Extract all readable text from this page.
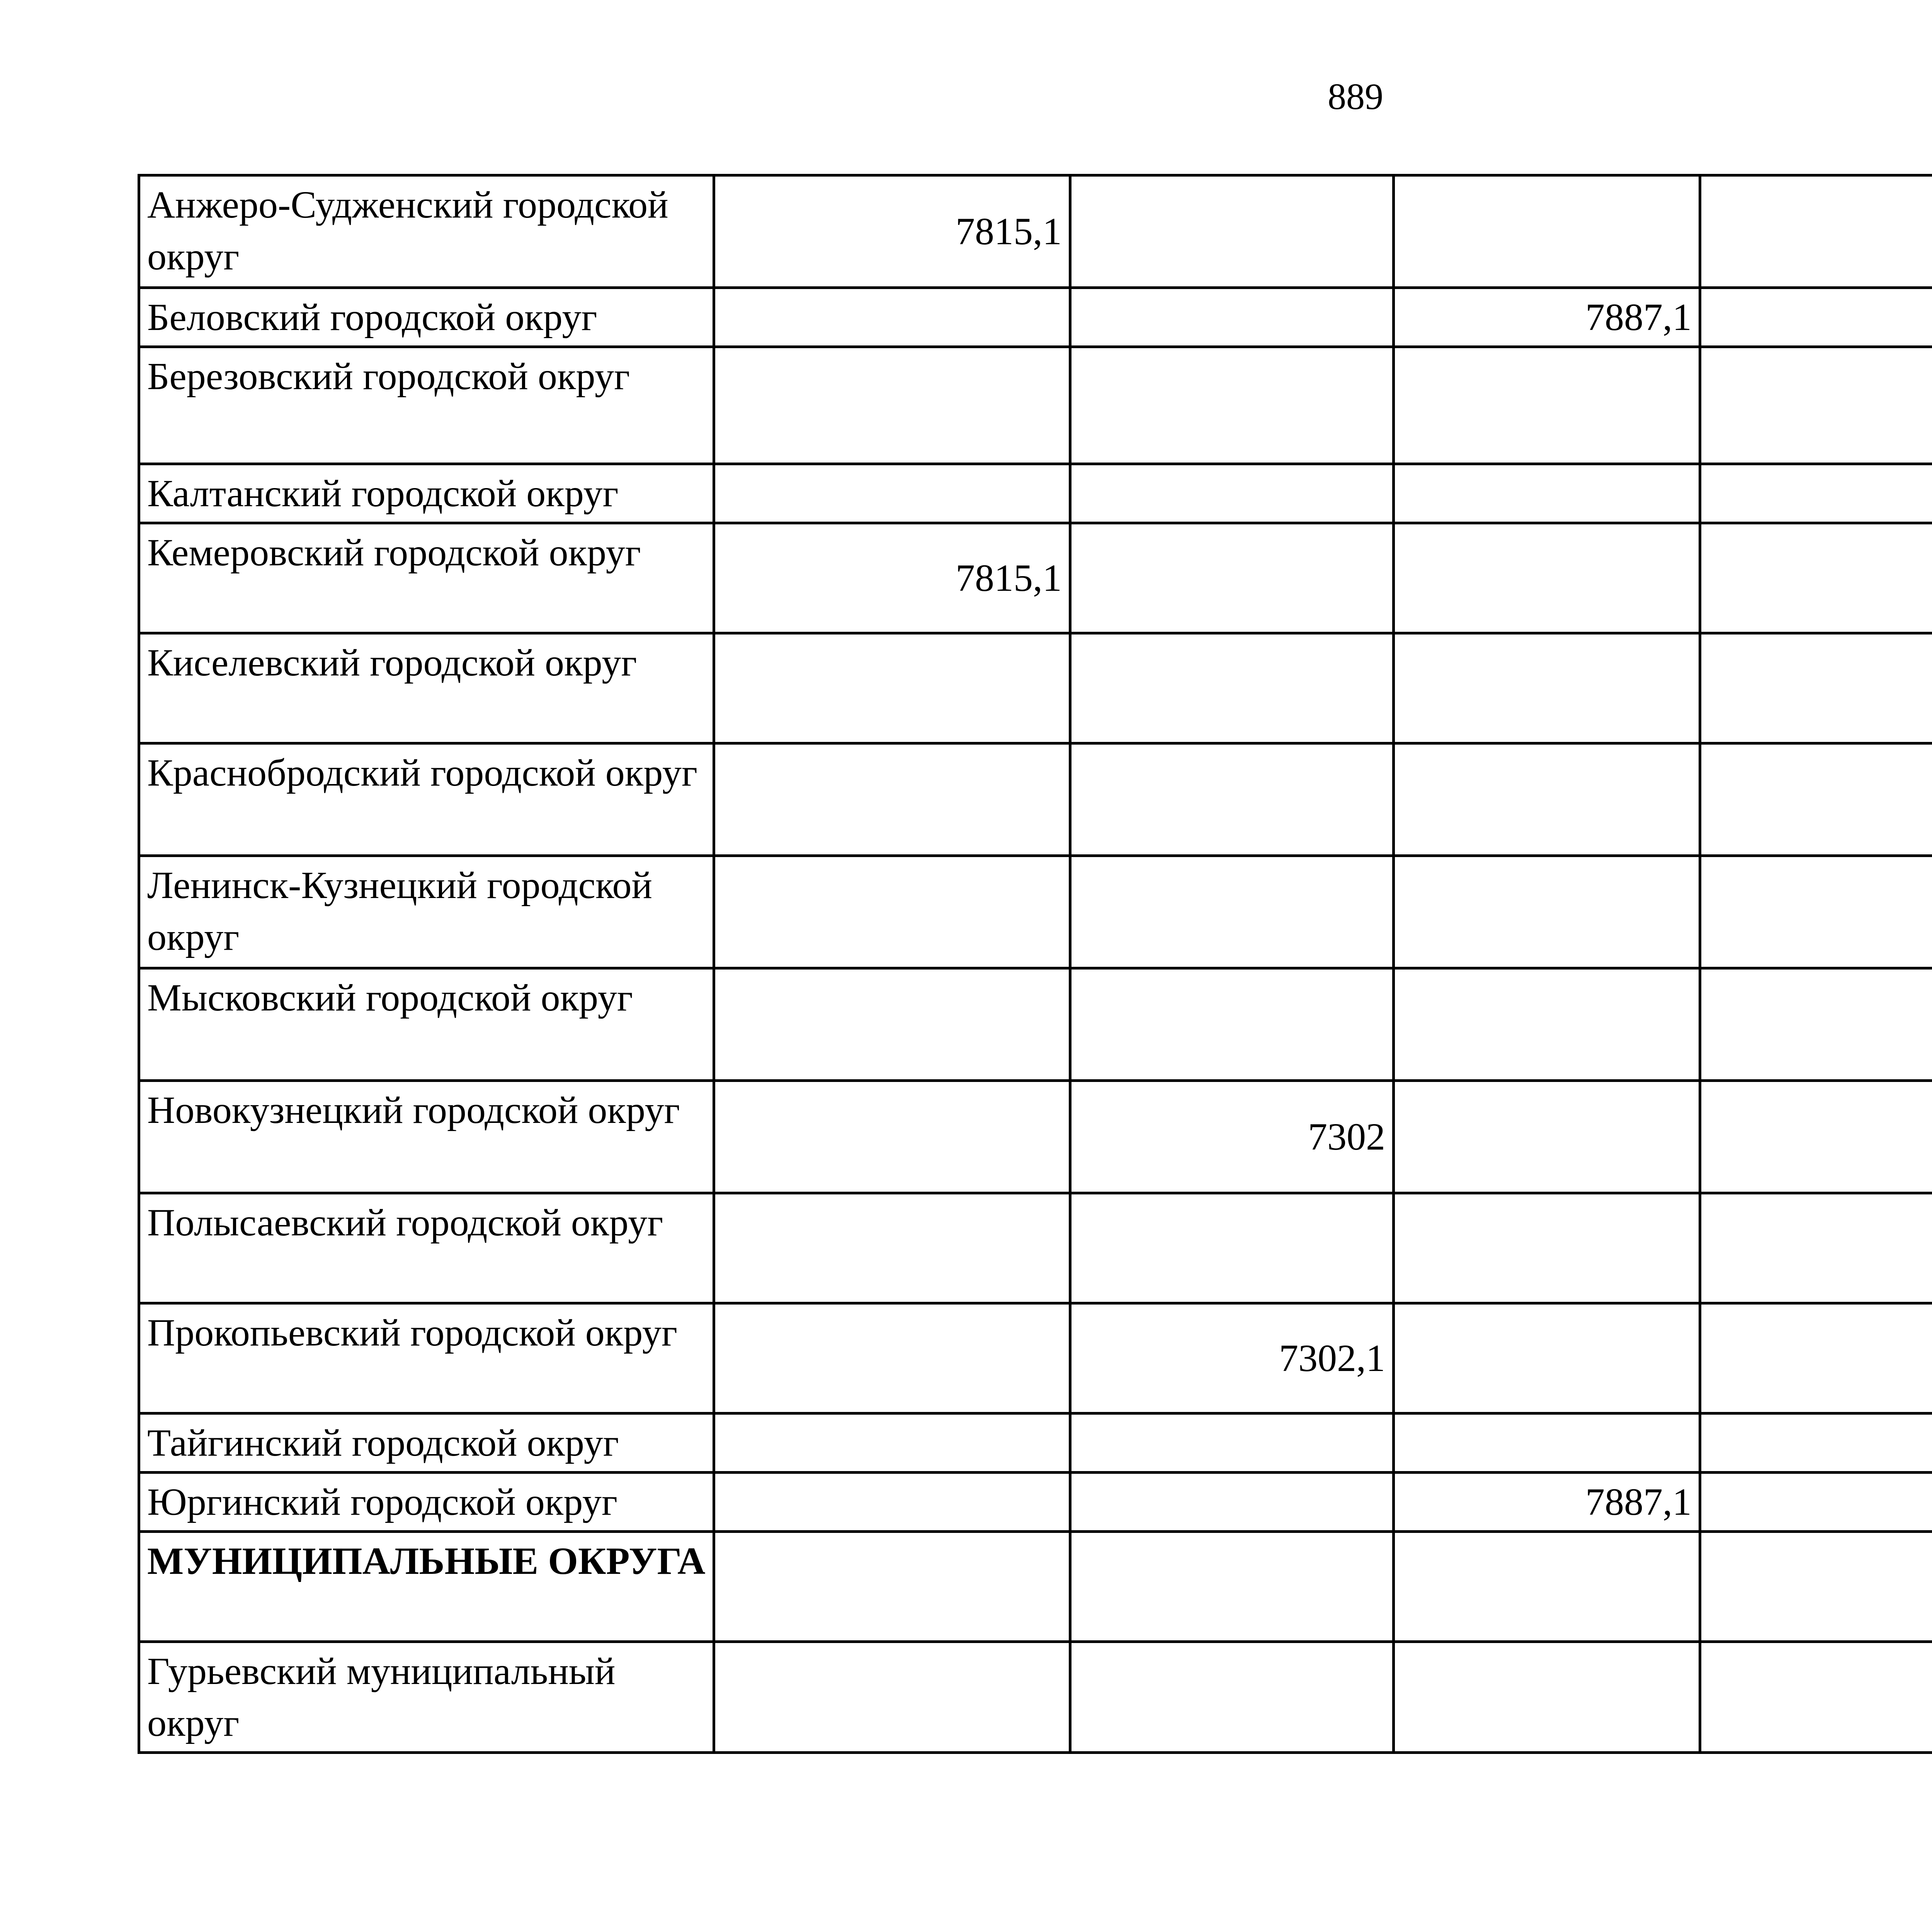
889
Анжеро-Судженский городской округ	7815,1			
Беловский городской округ			7887,1	
Березовский городской округ				
Калтанский городской округ				
Кемеровский городской округ	7815,1			
Киселевский городской округ				
Краснобродский городской округ				
Ленинск-Кузнецкий городской округ				
Мысковский городской округ				
Новокузнецкий городской округ		7302		
Полысаевский городской округ				
Прокопьевский городской округ		7302,1		
Тайгинский городской округ				
Юргинский городской округ			7887,1	
МУНИЦИПАЛЬНЫЕ ОКРУГА				
Гурьевский муниципальный округ				
